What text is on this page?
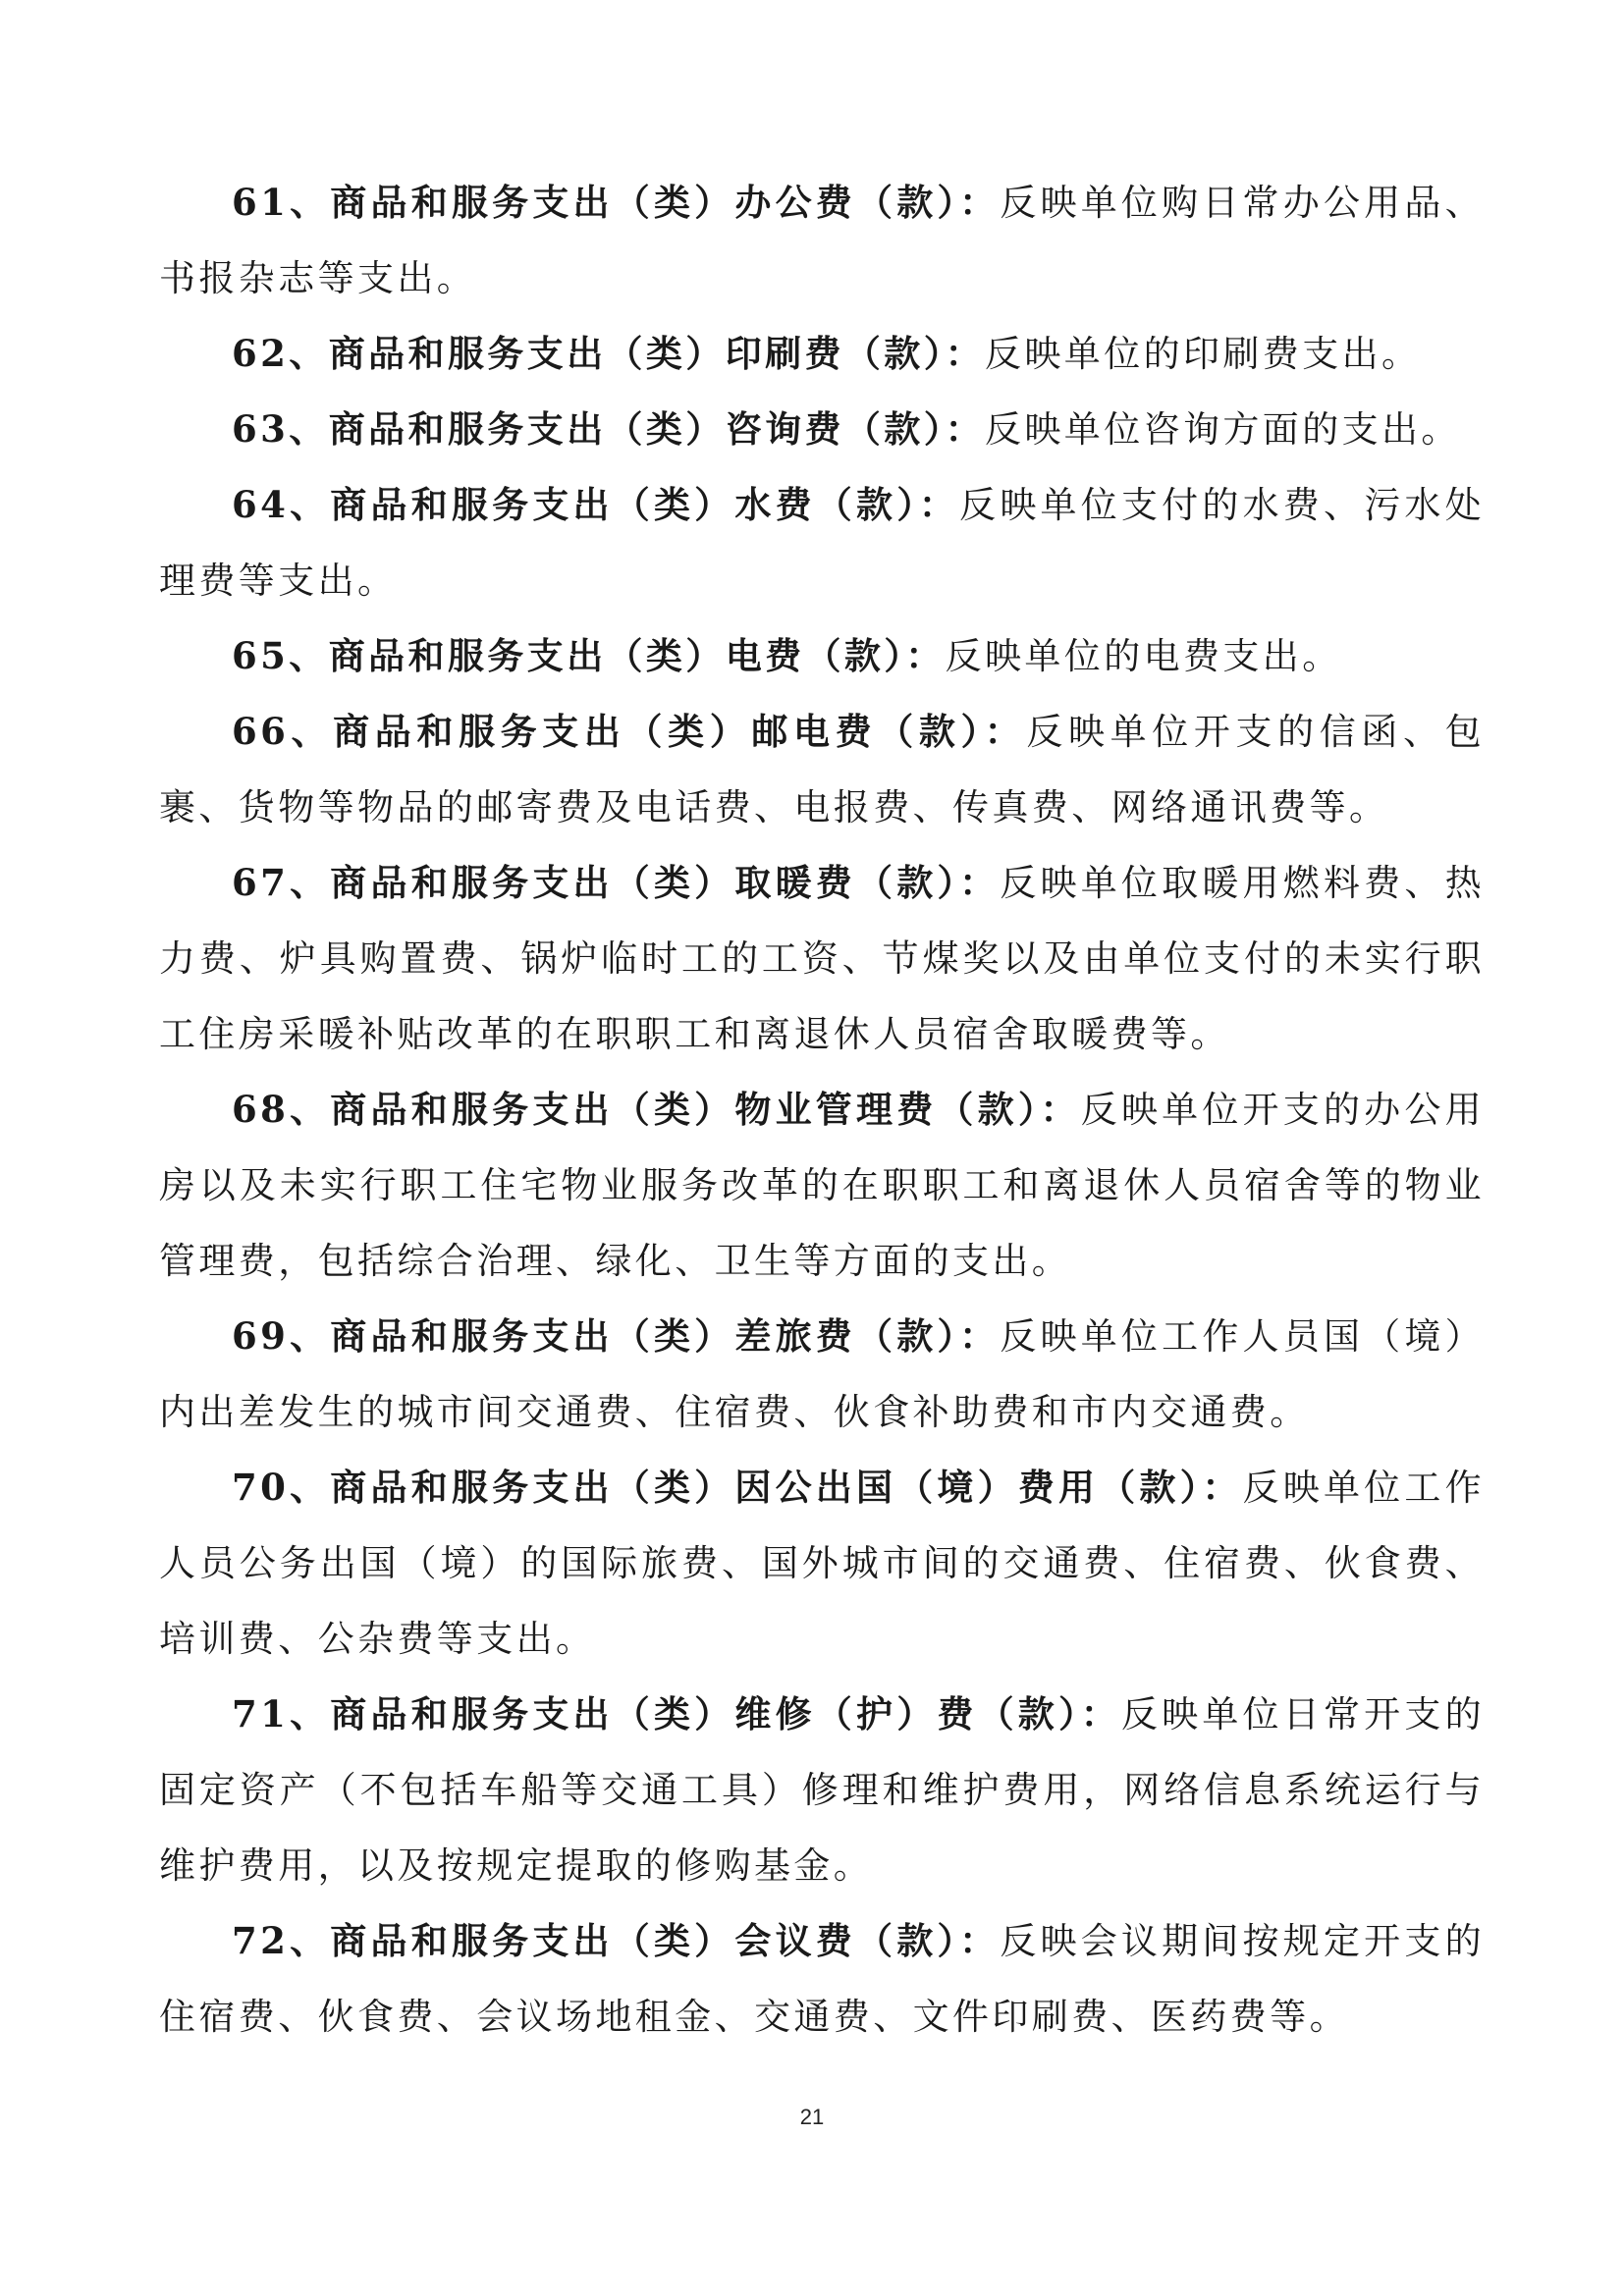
61、商品和服务支出（类）办公费（款）：反映单位购日常办公用品、书报杂志等支出。

62、商品和服务支出（类）印刷费（款）：反映单位的印刷费支出。

63、商品和服务支出（类）咨询费（款）：反映单位咨询方面的支出。

64、商品和服务支出（类）水费（款）：反映单位支付的水费、污水处理费等支出。

65、商品和服务支出（类）电费（款）：反映单位的电费支出。

66、商品和服务支出（类）邮电费（款）：反映单位开支的信函、包裹、货物等物品的邮寄费及电话费、电报费、传真费、网络通讯费等。

67、商品和服务支出（类）取暖费（款）：反映单位取暖用燃料费、热力费、炉具购置费、锅炉临时工的工资、节煤奖以及由单位支付的未实行职工住房采暖补贴改革的在职职工和离退休人员宿舍取暖费等。

68、商品和服务支出（类）物业管理费（款）：反映单位开支的办公用房以及未实行职工住宅物业服务改革的在职职工和离退休人员宿舍等的物业管理费，包括综合治理、绿化、卫生等方面的支出。

69、商品和服务支出（类）差旅费（款）：反映单位工作人员国（境）内出差发生的城市间交通费、住宿费、伙食补助费和市内交通费。

70、商品和服务支出（类）因公出国（境）费用（款）：反映单位工作人员公务出国（境）的国际旅费、国外城市间的交通费、住宿费、伙食费、培训费、公杂费等支出。

71、商品和服务支出（类）维修（护）费（款）：反映单位日常开支的固定资产（不包括车船等交通工具）修理和维护费用，网络信息系统运行与维护费用，以及按规定提取的修购基金。

72、商品和服务支出（类）会议费（款）：反映会议期间按规定开支的住宿费、伙食费、会议场地租金、交通费、文件印刷费、医药费等。

21
